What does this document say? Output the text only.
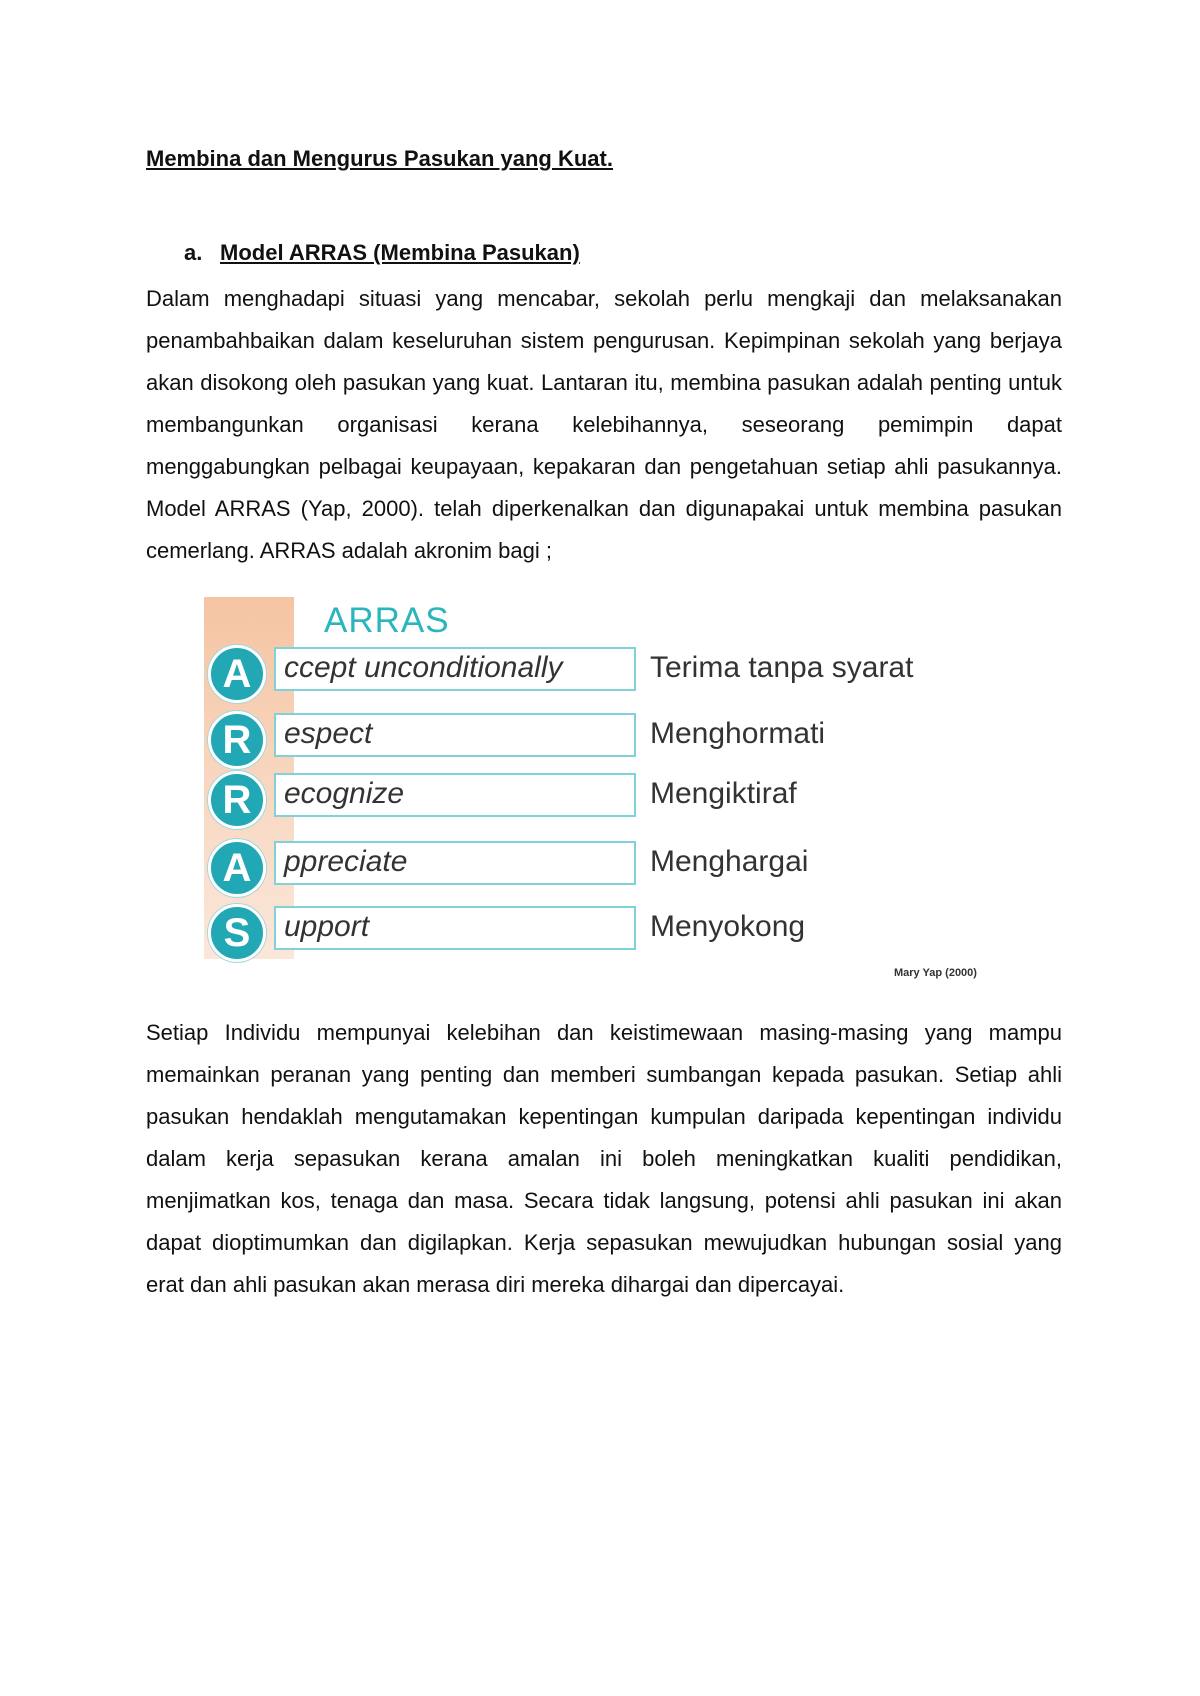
Membina dan Mengurus Pasukan yang Kuat.
a. Model ARRAS (Membina Pasukan)

Dalam menghadapi situasi yang mencabar, sekolah perlu mengkaji dan melaksanakan penambahbaikan dalam keseluruhan sistem pengurusan. Kepimpinan sekolah yang berjaya akan disokong oleh pasukan yang kuat. Lantaran itu, membina pasukan adalah penting untuk membangunkan organisasi kerana kelebihannya, seseorang pemimpin dapat menggabungkan pelbagai keupayaan, kepakaran dan pengetahuan setiap ahli pasukannya. Model ARRAS (Yap, 2000). telah diperkenalkan dan digunapakai untuk membina pasukan cemerlang. ARRAS adalah akronim bagi ;

ARRAS
A	ccept unconditionally	Terima tanpa syarat
R	espect	Menghormati
R	ecognize	Mengiktiraf
A	ppreciate	Menghargai
S	upport	Menyokong
Mary Yap (2000)

Setiap Individu mempunyai kelebihan dan keistimewaan masing-masing yang mampu memainkan peranan yang penting dan memberi sumbangan kepada pasukan. Setiap ahli pasukan hendaklah mengutamakan kepentingan kumpulan daripada kepentingan individu dalam kerja sepasukan kerana amalan ini boleh meningkatkan kualiti pendidikan, menjimatkan kos, tenaga dan masa. Secara tidak langsung, potensi ahli pasukan ini akan dapat dioptimumkan dan digilapkan. Kerja sepasukan mewujudkan hubungan sosial yang erat dan ahli pasukan akan merasa diri mereka dihargai dan dipercayai.
